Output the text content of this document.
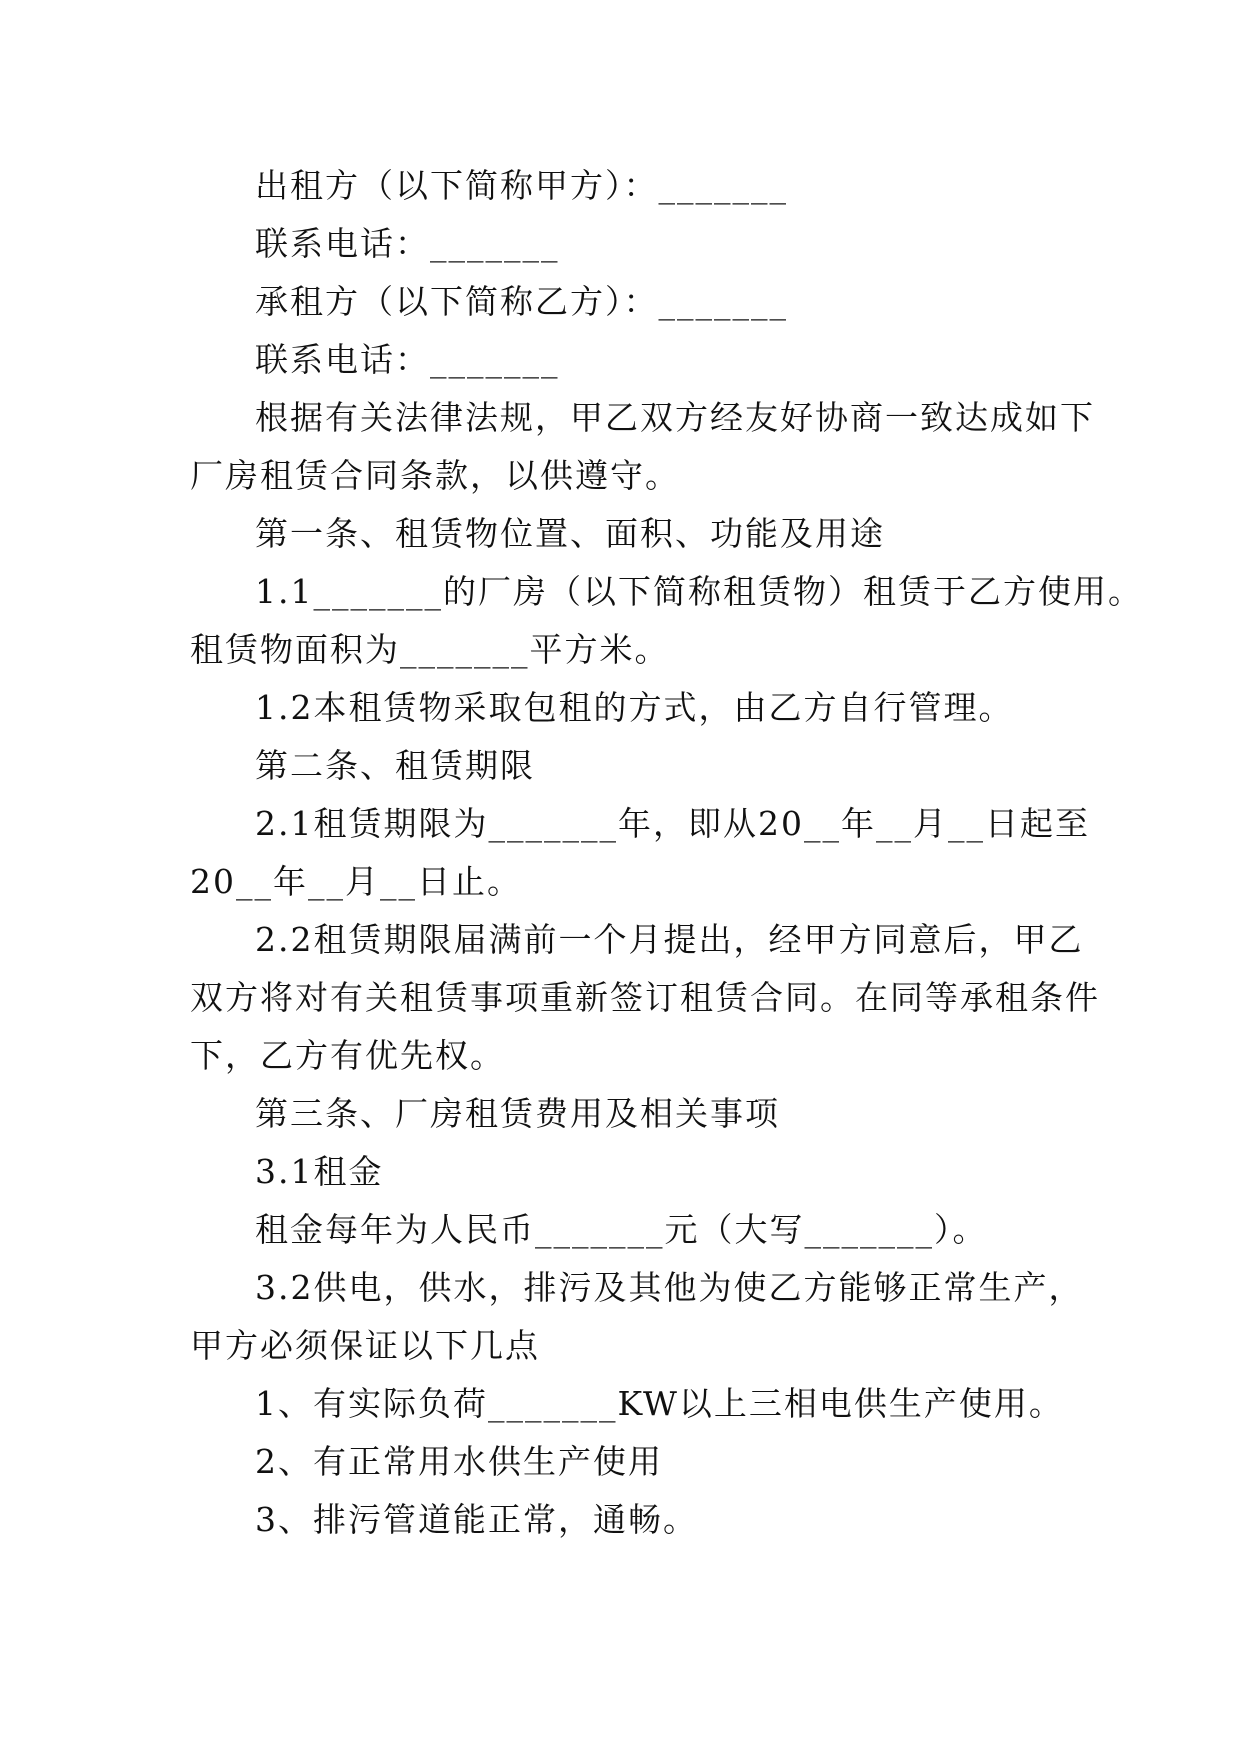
出租方（以下简称甲方）：_______
联系电话：_______
承租方（以下简称乙方）：_______
联系电话：_______
根据有关法律法规，甲乙双方经友好协商一致达成如下
厂房租赁合同条款，以供遵守。
第一条、租赁物位置、面积、功能及用途
1.1_______的厂房（以下简称租赁物）租赁于乙方使用。
租赁物面积为_______平方米。
1.2本租赁物采取包租的方式，由乙方自行管理。
第二条、租赁期限
2.1租赁期限为_______年，即从20__年__月__日起至
20__年__月__日止。
2.2租赁期限届满前一个月提出，经甲方同意后，甲乙
双方将对有关租赁事项重新签订租赁合同。在同等承租条件
下，乙方有优先权。
第三条、厂房租赁费用及相关事项
3.1租金
租金每年为人民币_______元（大写_______）。
3.2供电，供水，排污及其他为使乙方能够正常生产，
甲方必须保证以下几点
1、有实际负荷_______KW以上三相电供生产使用。
2、有正常用水供生产使用
3、排污管道能正常，通畅。
